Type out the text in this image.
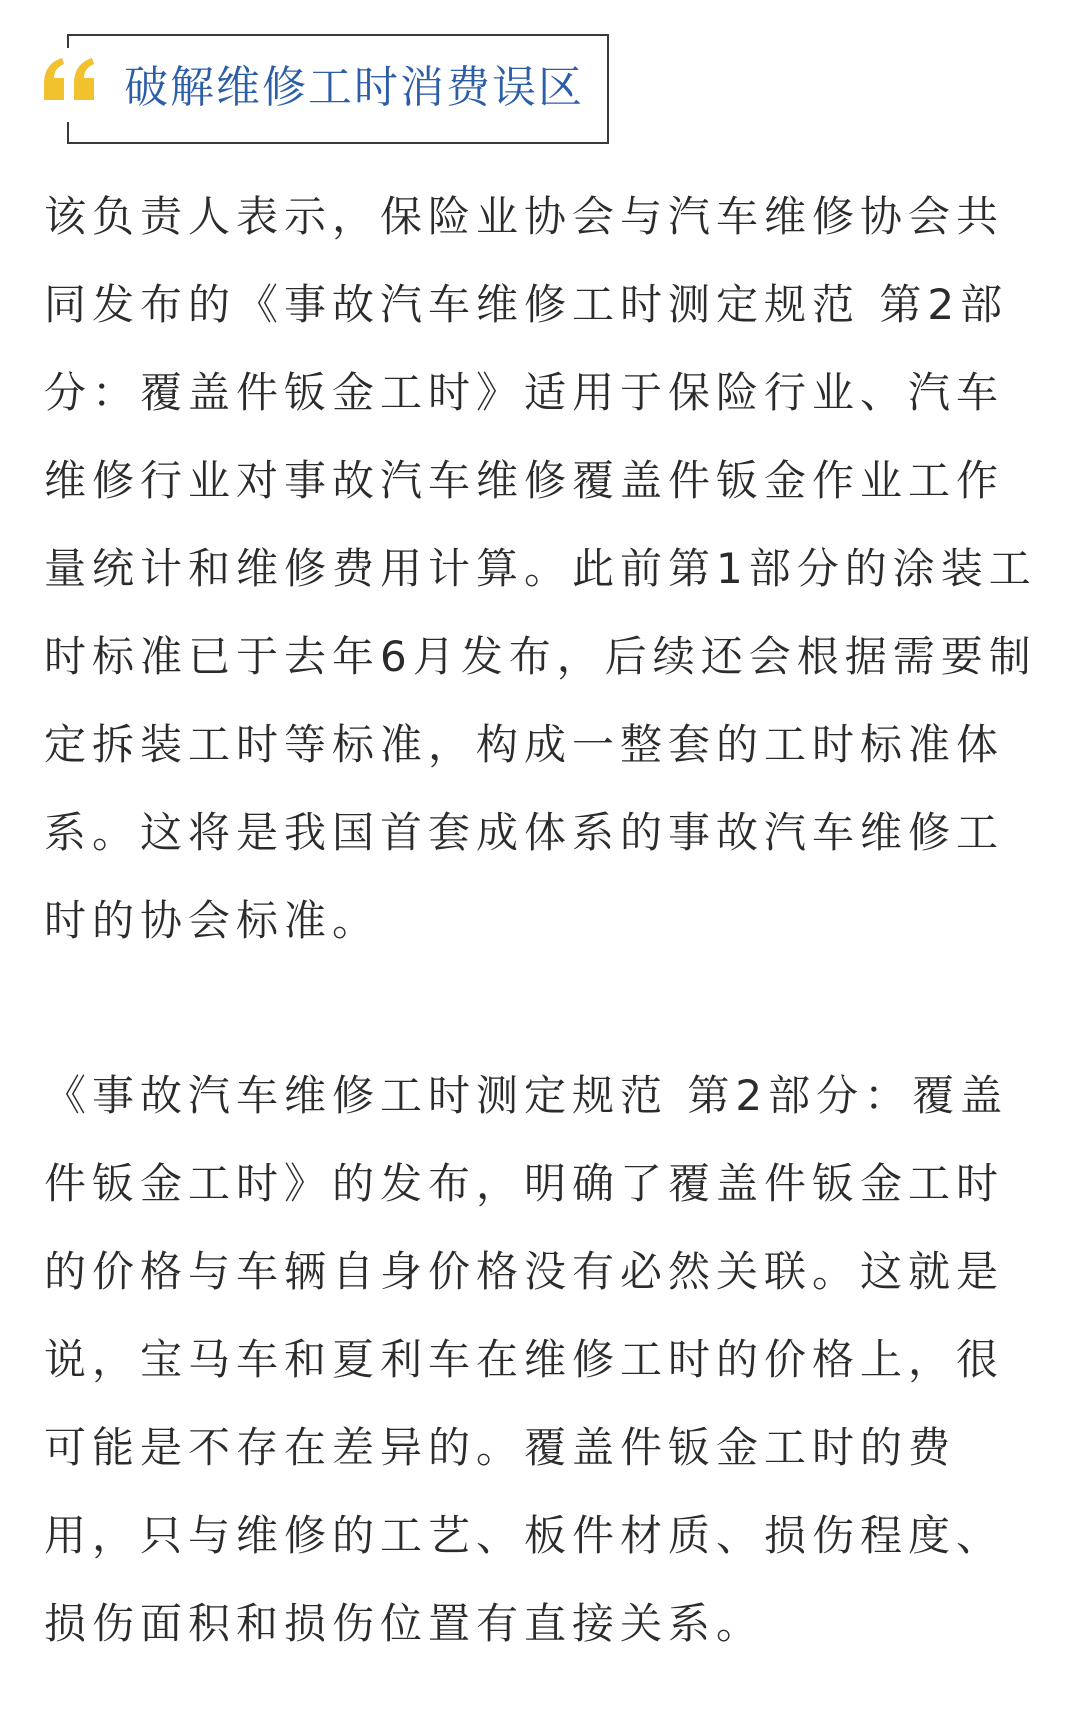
破解维修工时消费误区

该负责人表示，保险业协会与汽车维修协会共同发布的《事故汽车维修工时测定规范 第2部分：覆盖件钣金工时》适用于保险行业、汽车维修行业对事故汽车维修覆盖件钣金作业工作量统计和维修费用计算。此前第1部分的涂装工时标准已于去年6月发布，后续还会根据需要制定拆装工时等标准，构成一整套的工时标准体系。这将是我国首套成体系的事故汽车维修工时的协会标准。

《事故汽车维修工时测定规范 第2部分：覆盖件钣金工时》的发布，明确了覆盖件钣金工时的价格与车辆自身价格没有必然关联。这就是说，宝马车和夏利车在维修工时的价格上，很可能是不存在差异的。覆盖件钣金工时的费用，只与维修的工艺、板件材质、损伤程度、损伤面积和损伤位置有直接关系。
